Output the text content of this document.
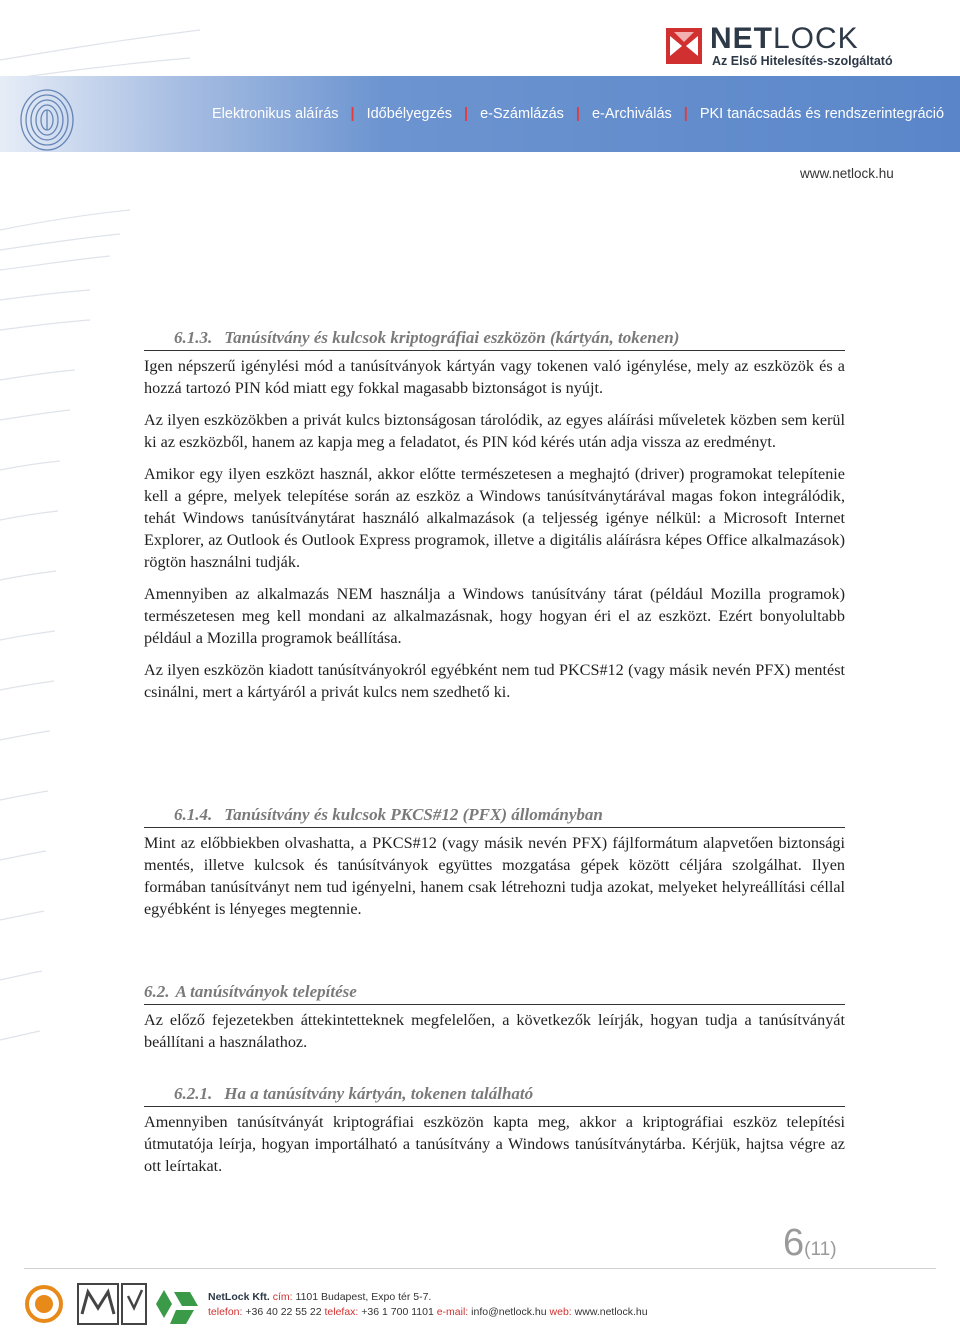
NETLOCK
Az Első Hitelesítés-szolgáltató
Elektronikus aláírás | Időbélyegzés | e-Számlázás | e-Archiválás | PKI tanácsadás és rendszerintegráció
www.netlock.hu
6.1.3. Tanúsítvány és kulcsok kriptográfiai eszközön (kártyán, tokenen)

Igen népszerű igénylési mód a tanúsítványok kártyán vagy tokenen való igénylése, mely az eszközök és a hozzá tartozó PIN kód miatt egy fokkal magasabb biztonságot is nyújt.

Az ilyen eszközökben a privát kulcs biztonságosan tárolódik, az egyes aláírási műveletek közben sem kerül ki az eszközből, hanem az kapja meg a feladatot, és PIN kód kérés után adja vissza az eredményt.

Amikor egy ilyen eszközt használ, akkor előtte természetesen a meghajtó (driver) programokat telepítenie kell a gépre, melyek telepítése során az eszköz a Windows tanúsítványtárával magas fokon integrálódik, tehát Windows tanúsítványtárat használó alkalmazások (a teljesség igénye nélkül: a Microsoft Internet Explorer, az Outlook és Outlook Express programok, illetve a digitális aláírásra képes Office alkalmazások) rögtön használni tudják.

Amennyiben az alkalmazás NEM használja a Windows tanúsítvány tárat (például Mozilla programok) természetesen meg kell mondani az alkalmazásnak, hogy hogyan éri el az eszközt. Ezért bonyolultabb például a Mozilla programok beállítása.

Az ilyen eszközön kiadott tanúsítványokról egyébként nem tud PKCS#12 (vagy másik nevén PFX) mentést csinálni, mert a kártyáról a privát kulcs nem szedhető ki.

6.1.4. Tanúsítvány és kulcsok PKCS#12 (PFX) állományban

Mint az előbbiekben olvashatta, a PKCS#12 (vagy másik nevén PFX) fájlformátum alapvetően biztonsági mentés, illetve kulcsok és tanúsítványok együttes mozgatása gépek között céljára szolgálhat. Ilyen formában tanúsítványt nem tud igényelni, hanem csak létrehozni tudja azokat, melyeket helyreállítási céllal egyébként is lényeges megtennie.

6.2. A tanúsítványok telepítése

Az előző fejezetekben áttekintetteknek megfelelően, a következők leírják, hogyan tudja a tanúsítványát beállítani a használathoz.

6.2.1. Ha a tanúsítvány kártyán, tokenen található

Amennyiben tanúsítványát kriptográfiai eszközön kapta meg, akkor a kriptográfiai eszköz telepítési útmutatója leírja, hogyan importálható a tanúsítvány a Windows tanúsítványtárba. Kérjük, hajtsa végre az ott leírtakat.

6(11)
NetLock Kft. cím: 1101 Budapest, Expo tér 5-7.
telefon: +36 40 22 55 22 telefax: +36 1 700 1101 e-mail: info@netlock.hu web: www.netlock.hu
